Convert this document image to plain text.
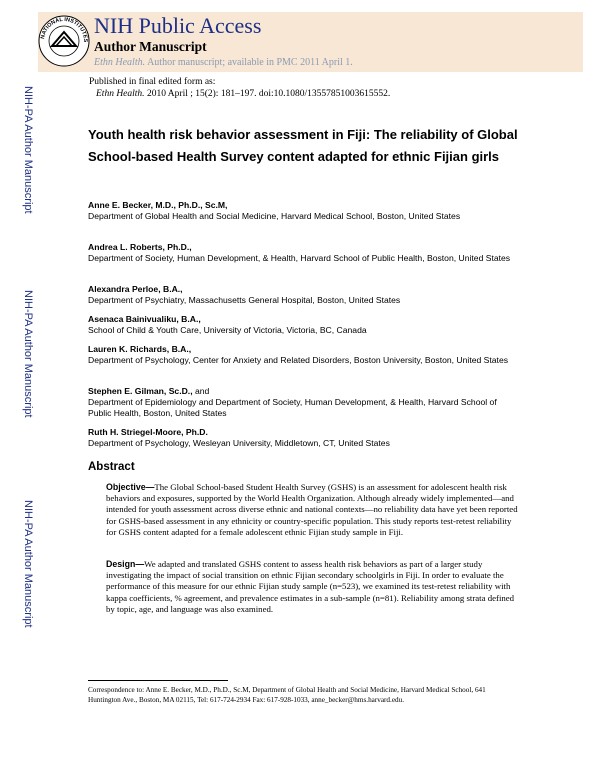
NATIONAL INSTITUTES
NIH Public Access
Author Manuscript
Ethn Health. Author manuscript; available in PMC 2011 April 1.
NIH-PA Author Manuscript
NIH-PA Author Manuscript
NIH-PA Author Manuscript
Published in final edited form as:
Ethn Health. 2010 April ; 15(2): 181–197. doi:10.1080/13557851003615552.
Youth health risk behavior assessment in Fiji: The reliability of Global School-based Health Survey content adapted for ethnic Fijian girls
Anne E. Becker, M.D., Ph.D., Sc.M,
Department of Global Health and Social Medicine, Harvard Medical School, Boston, United States
Andrea L. Roberts, Ph.D.,
Department of Society, Human Development, & Health, Harvard School of Public Health, Boston, United States
Alexandra Perloe, B.A.,
Department of Psychiatry, Massachusetts General Hospital, Boston, United States
Asenaca Bainivualiku, B.A.,
School of Child & Youth Care, University of Victoria, Victoria, BC, Canada
Lauren K. Richards, B.A.,
Department of Psychology, Center for Anxiety and Related Disorders, Boston University, Boston, United States
Stephen E. Gilman, Sc.D., and
Department of Epidemiology and Department of Society, Human Development, & Health, Harvard School of Public Health, Boston, United States
Ruth H. Striegel-Moore, Ph.D.
Department of Psychology, Wesleyan University, Middletown, CT, United States
Abstract
Objective—The Global School-based Student Health Survey (GSHS) is an assessment for adolescent health risk behaviors and exposures, supported by the World Health Organization. Although already widely implemented—and intended for youth assessment across diverse ethnic and national contexts—no reliability data have yet been reported for GSHS-based assessment in any ethnicity or country-specific population. This study reports test-retest reliability for GSHS content adapted for a female adolescent ethnic Fijian study sample in Fiji.
Design—We adapted and translated GSHS content to assess health risk behaviors as part of a larger study investigating the impact of social transition on ethnic Fijian secondary schoolgirls in Fiji. In order to evaluate the performance of this measure for our ethnic Fijian study sample (n=523), we examined its test-retest reliability with kappa coefficients, % agreement, and prevalence estimates in a sub-sample (n=81). Reliability among strata defined by topic, age, and language was also examined.
Correspondence to: Anne E. Becker, M.D., Ph.D., Sc.M, Department of Global Health and Social Medicine, Harvard Medical School, 641 Huntington Ave., Boston, MA 02115, Tel: 617-724-2934 Fax: 617-928-1033, anne_becker@hms.harvard.edu.
